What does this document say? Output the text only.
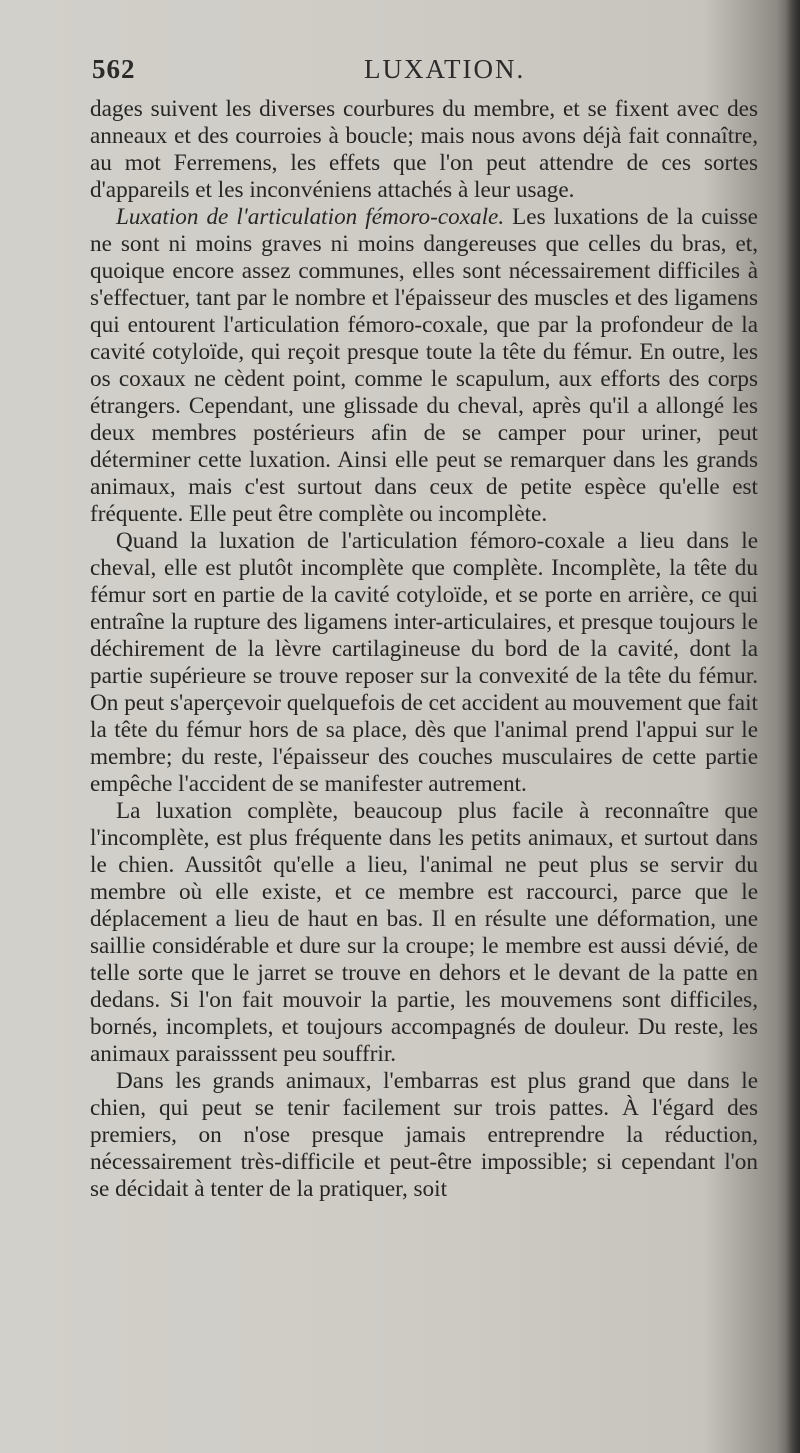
562	LUXATION.

dages suivent les diverses courbures du membre, et se fixent avec des anneaux et des courroies à boucle; mais nous avons déjà fait connaître, au mot Ferremens, les effets que l'on peut attendre de ces sortes d'appareils et les inconvéniens attachés à leur usage.

Luxation de l'articulation fémoro-coxale. Les luxations de la cuisse ne sont ni moins graves ni moins dangereuses que celles du bras, et, quoique encore assez communes, elles sont nécessairement difficiles à s'effectuer, tant par le nombre et l'épaisseur des muscles et des ligamens qui entourent l'articulation fémoro-coxale, que par la profondeur de la cavité cotyloïde, qui reçoit presque toute la tête du fémur. En outre, les os coxaux ne cèdent point, comme le scapulum, aux efforts des corps étrangers. Cependant, une glissade du cheval, après qu'il a allongé les deux membres postérieurs afin de se camper pour uriner, peut déterminer cette luxation. Ainsi elle peut se remarquer dans les grands animaux, mais c'est surtout dans ceux de petite espèce qu'elle est fréquente. Elle peut être complète ou incomplète.

Quand la luxation de l'articulation fémoro-coxale a lieu dans le cheval, elle est plutôt incomplète que complète. Incomplète, la tête du fémur sort en partie de la cavité cotyloïde, et se porte en arrière, ce qui entraîne la rupture des ligamens inter-articulaires, et presque toujours le déchirement de la lèvre cartilagineuse du bord de la cavité, dont la partie supérieure se trouve reposer sur la convexité de la tête du fémur. On peut s'aperçevoir quelquefois de cet accident au mouvement que fait la tête du fémur hors de sa place, dès que l'animal prend l'appui sur le membre; du reste, l'épaisseur des couches musculaires de cette partie empêche l'accident de se manifester autrement.

La luxation complète, beaucoup plus facile à reconnaître que l'incomplète, est plus fréquente dans les petits animaux, et surtout dans le chien. Aussitôt qu'elle a lieu, l'animal ne peut plus se servir du membre où elle existe, et ce membre est raccourci, parce que le déplacement a lieu de haut en bas. Il en résulte une déformation, une saillie considérable et dure sur la croupe; le membre est aussi dévié, de telle sorte que le jarret se trouve en dehors et le devant de la patte en dedans. Si l'on fait mouvoir la partie, les mouvemens sont difficiles, bornés, incomplets, et toujours accompagnés de douleur. Du reste, les animaux paraisssent peu souffrir.

Dans les grands animaux, l'embarras est plus grand que dans le chien, qui peut se tenir facilement sur trois pattes. À l'égard des premiers, on n'ose presque jamais entreprendre la réduction, nécessairement très-difficile et peut-être impossible; si cependant l'on se décidait à tenter de la pratiquer, soit
